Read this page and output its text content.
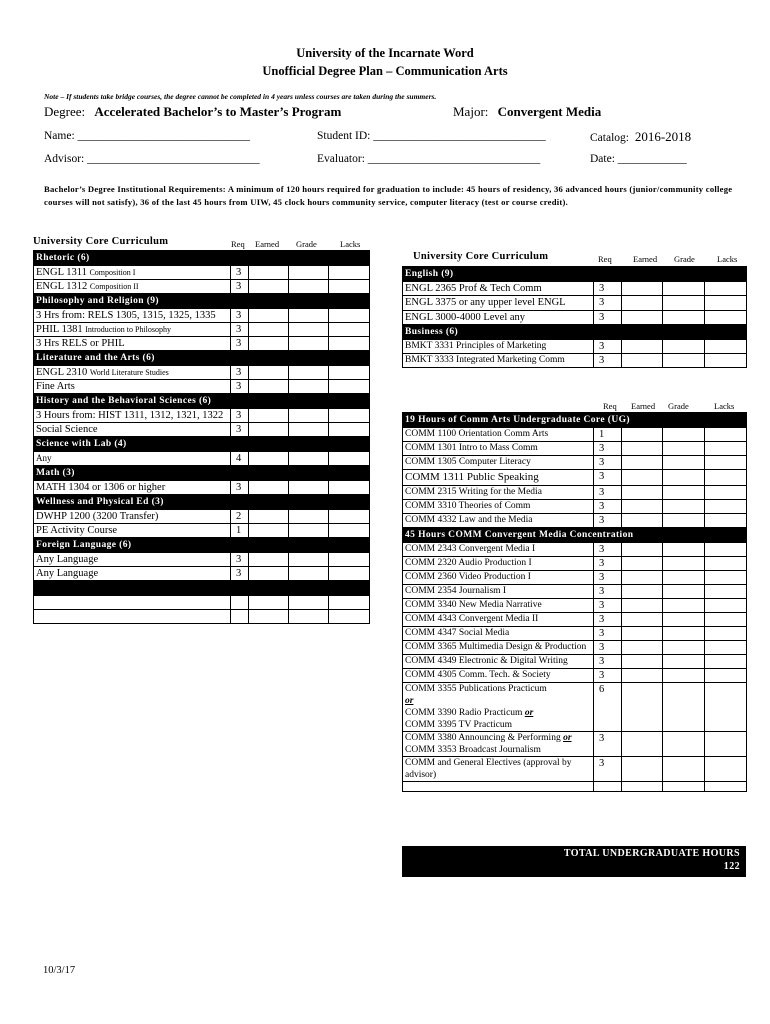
University of the Incarnate Word
Unofficial Degree Plan – Communication Arts
Note – If students take bridge courses, the degree cannot be completed in 4 years unless courses are taken during the summers.
Degree: Accelerated Bachelor’s to Master’s Program	Major: Convergent Media
Name: ______________________________	Student ID: ______________________________	Catalog: 2016-2018
Advisor: ______________________________	Evaluator: ______________________________	Date: ____________
Bachelor’s Degree Institutional Requirements: A minimum of 120 hours required for graduation to include: 45 hours of residency, 36 advanced hours (junior/community college courses will not satisfy), 36 of the last 45 hours from UIW, 45 clock hours community service, computer literacy (test or course credit).
University Core Curriculum	Req Earned Grade	Lacks
Rhetoric (6)				
ENGL 1311 Composition I	3			
ENGL 1312 Composition II	3			
Philosophy and Religion (9)				
3 Hrs from: RELS 1305, 1315, 1325, 1335	3			
PHIL 1381 Introduction to Philosophy	3			
3 Hrs RELS or PHIL	3			
Literature and the Arts (6)				
ENGL 2310 World Literature Studies	3			
Fine Arts	3			
History and the Behavioral Sciences (6)				
3 Hours from: HIST 1311, 1312, 1321, 1322	3			
Social Science	3			
Science with Lab (4)				
Any	4			
Math (3)				
MATH 1304 or 1306 or higher	3			
Wellness and Physical Ed (3)				
DWHP 1200 (3200 Transfer)	2			
PE Activity Course	1			
Foreign Language (6)				
Any Language	3			
Any Language	3			

University Core Curriculum	Req	Earned Grade	Lacks
English (9)				
ENGL 2365 Prof & Tech Comm	3			
ENGL 3375 or any upper level ENGL	3			
ENGL 3000-4000 Level any	3			
Business (6)				
BMKT 3331 Principles of Marketing	3			
BMKT 3333 Integrated Marketing Comm	3			
Req Earned Grade	Lacks
19 Hours of Comm Arts Undergraduate Core (UG)				
COMM 1100 Orientation Comm Arts	1			
COMM 1301 Intro to Mass Comm	3			
COMM 1305 Computer Literacy	3			
COMM 1311 Public Speaking	3			
COMM 2315 Writing for the Media	3			
COMM 3310 Theories of Comm	3			
COMM 4332 Law and the Media	3			
45 Hours COMM Convergent Media Concentration				
COMM 2343 Convergent Media I	3			
COMM 2320 Audio Production I	3			
COMM 2360 Video Production I	3			
COMM 2354 Journalism I	3			
COMM 3340 New Media Narrative	3			
COMM 4343 Convergent Media II	3			
COMM 4347 Social Media	3			
COMM 3365 Multimedia Design & Production	3			
COMM 4349 Electronic & Digital Writing	3			
COMM 4305 Comm. Tech. & Society	3			

COMM 3355 Publications Practicum
or
COMM 3390 Radio Practicum or
COMM 3395 TV Practicum	6			

COMM 3380 Announcing & Performing or
COMM 3353 Broadcast Journalism	3			
COMM and General Electives (approval by advisor)	3			

TOTAL UNDERGRADUATE HOURS
122
10/3/17
